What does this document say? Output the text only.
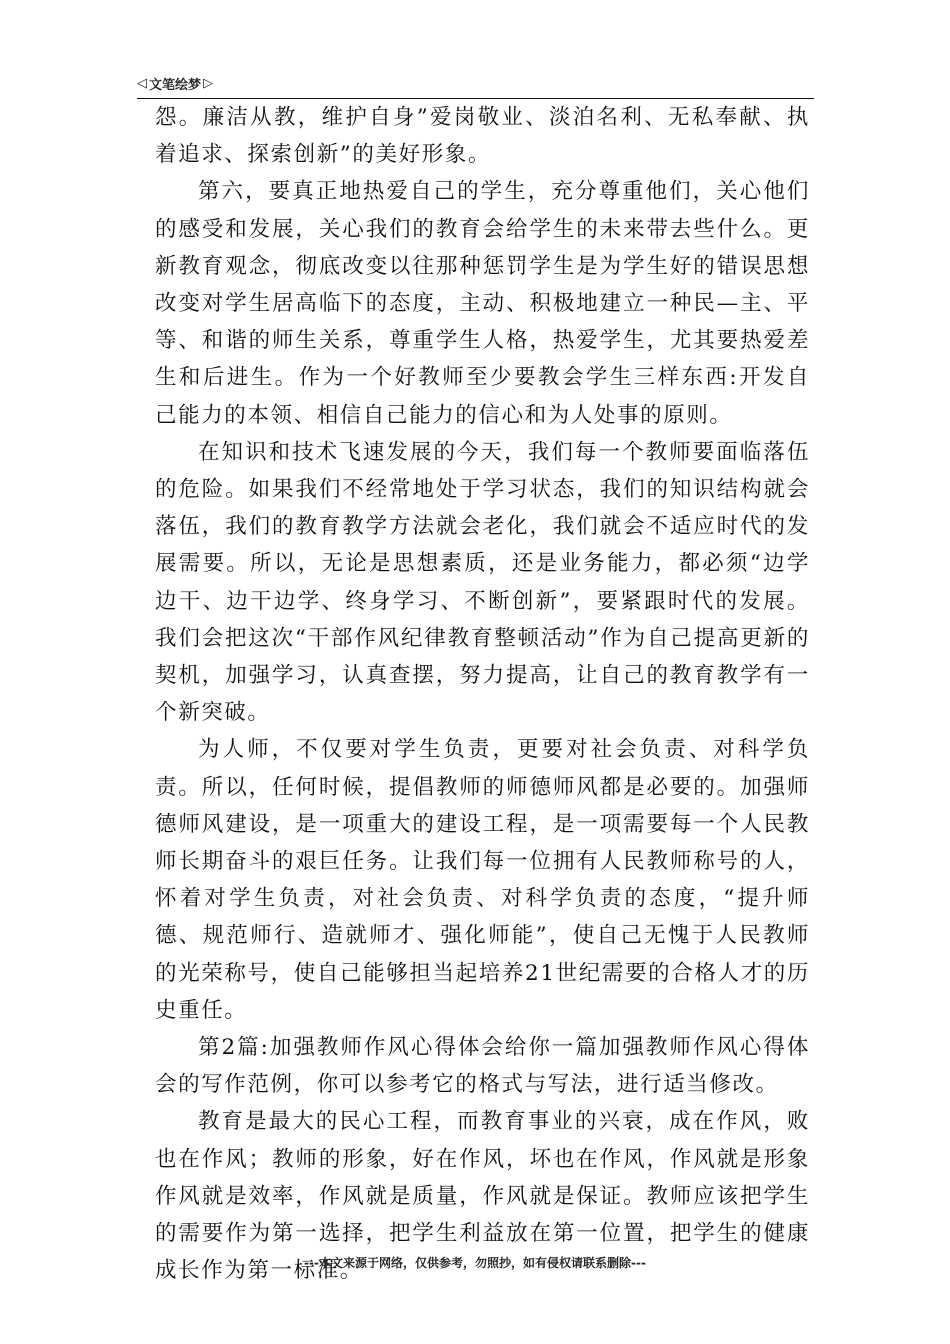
◁ 文笔绘梦 ▷

怨。廉洁从教，维护自身”爱岗敬业、淡泊名利、无私奉献、执着追求、探索创新”的美好形象。

第六，要真正地热爱自己的学生，充分尊重他们，关心他们的感受和发展，关心我们的教育会给学生的未来带去些什么。更新教育观念，彻底改变以往那种惩罚学生是为学生好的错误思想改变对学生居高临下的态度，主动、积极地建立一种民—主、平等、和谐的师生关系，尊重学生人格，热爱学生，尤其要热爱差生和后进生。作为一个好教师至少要教会学生三样东西:开发自己能力的本领、相信自己能力的信心和为人处事的原则。

在知识和技术飞速发展的今天，我们每一个教师要面临落伍的危险。如果我们不经常地处于学习状态，我们的知识结构就会落伍，我们的教育教学方法就会老化，我们就会不适应时代的发展需要。所以，无论是思想素质，还是业务能力，都必须“边学边干、边干边学、终身学习、不断创新”，要紧跟时代的发展。我们会把这次“干部作风纪律教育整顿活动”作为自己提高更新的契机，加强学习，认真查摆，努力提高，让自己的教育教学有一个新突破。

为人师，不仅要对学生负责，更要对社会负责、对科学负责。所以，任何时候，提倡教师的师德师风都是必要的。加强师德师风建设，是一项重大的建设工程，是一项需要每一个人民教师长期奋斗的艰巨任务。让我们每一位拥有人民教师称号的人，怀着对学生负责，对社会负责、对科学负责的态度，“提升师德、规范师行、造就师才、强化师能”，使自己无愧于人民教师的光荣称号，使自己能够担当起培养21世纪需要的合格人才的历史重任。

第2篇:加强教师作风心得体会给你一篇加强教师作风心得体会的写作范例，你可以参考它的格式与写法，进行适当修改。

教育是最大的民心工程，而教育事业的兴衰，成在作风，败也在作风；教师的形象，好在作风，坏也在作风，作风就是形象作风就是效率，作风就是质量，作风就是保证。教师应该把学生的需要作为第一选择，把学生利益放在第一位置，把学生的健康成长作为第一标准。

---本文来源于网络，仅供参考，勿照抄，如有侵权请联系删除---
